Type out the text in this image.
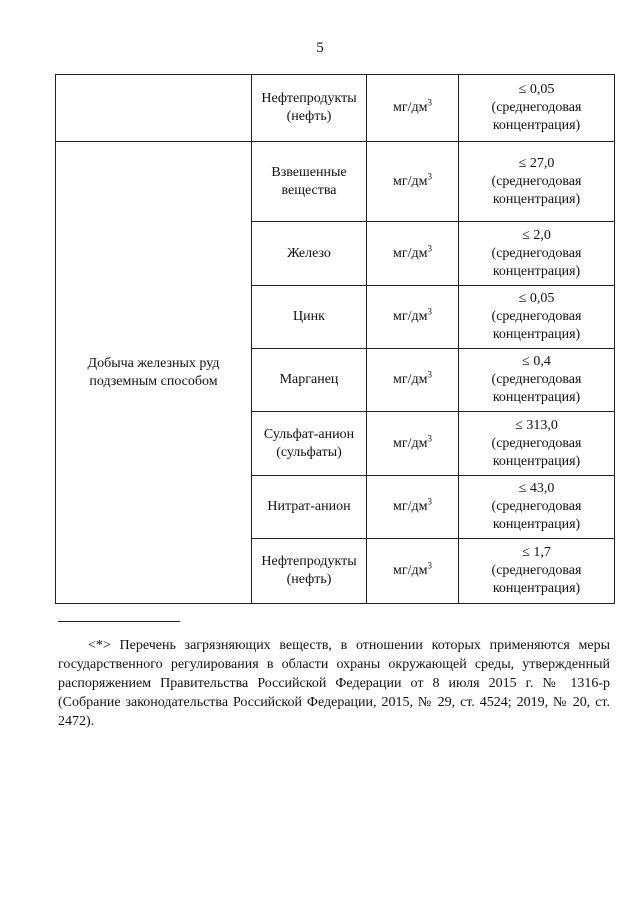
5
	Нефтепродукты (нефть)	$мг/дм^3$	≤ 0,05
(среднегодовая концентрация)

Добыча железных руд подземным способом	Взвешенные вещества	$мг/дм^3$	≤ 27,0
(среднегодовая концентрация)

	Железо	$мг/дм^3$	≤ 2,0
(среднегодовая концентрация)

	Цинк	$мг/дм^3$	≤ 0,05
(среднегодовая концентрация)

	Марганец	$мг/дм^3$	≤ 0,4
(среднегодовая концентрация)

	Сульфат-анион (сульфаты)	$мг/дм^3$	≤ 313,0
(среднегодовая концентрация)

	Нитрат-анион	$мг/дм^3$	≤ 43,0
(среднегодовая концентрация)

	Нефтепродукты (нефть)	$мг/дм^3$	≤ 1,7
(среднегодовая концентрация)
<*> Перечень загрязняющих веществ, в отношении которых применяются меры государственного регулирования в области охраны окружающей среды, утвержденный распоряжением Правительства Российской Федерации от 8 июля 2015 г. № 1316-р (Собрание законодательства Российской Федерации, 2015, № 29, ст. 4524; 2019, № 20, ст. 2472).
